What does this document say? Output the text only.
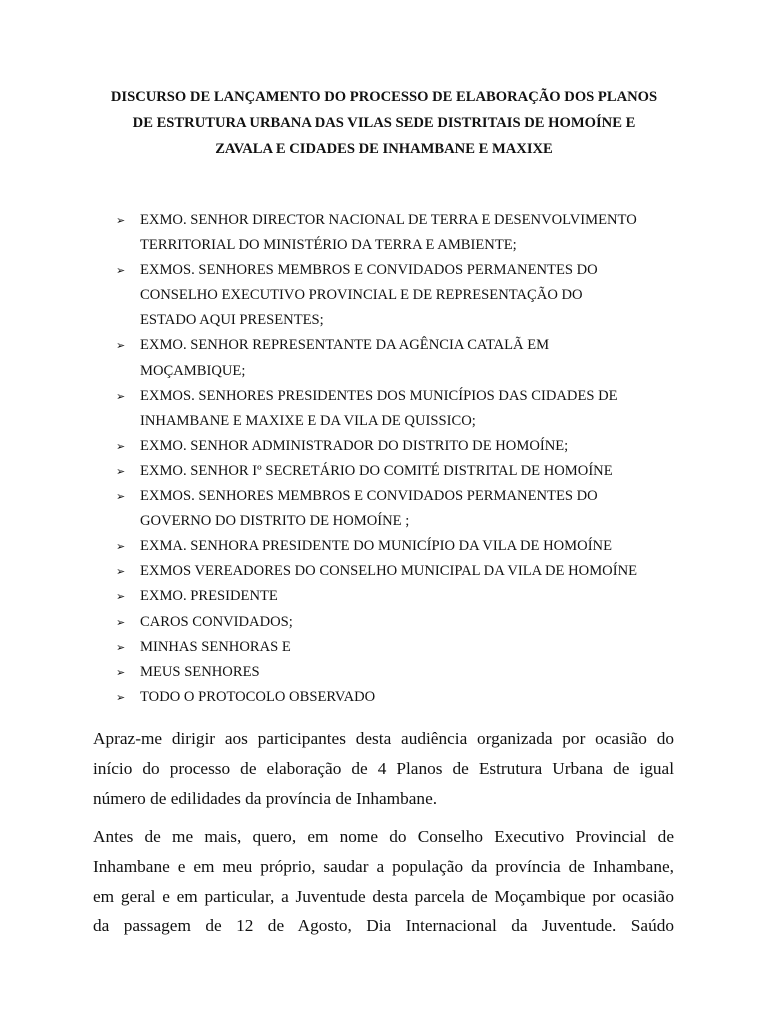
DISCURSO DE LANÇAMENTO DO PROCESSO DE ELABORAÇÃO DOS PLANOS
DE ESTRUTURA URBANA DAS VILAS SEDE DISTRITAIS DE HOMOÍNE E
ZAVALA E CIDADES DE INHAMBANE E MAXIXE
➢ EXMO. SENHOR DIRECTOR NACIONAL DE TERRA E DESENVOLVIMENTO
TERRITORIAL DO MINISTÉRIO DA TERRA E AMBIENTE;
➢ EXMOS. SENHORES MEMBROS E CONVIDADOS PERMANENTES DO
CONSELHO EXECUTIVO PROVINCIAL E DE REPRESENTAÇÃO DO
ESTADO AQUI PRESENTES;
➢ EXMO. SENHOR REPRESENTANTE DA AGÊNCIA CATALÃ EM
MOÇAMBIQUE;
➢ EXMOS. SENHORES PRESIDENTES DOS MUNICÍPIOS DAS CIDADES DE
INHAMBANE E MAXIXE E DA VILA DE QUISSICO;
➢ EXMO. SENHOR ADMINISTRADOR DO DISTRITO DE HOMOÍNE;
➢ EXMO. SENHOR Iº SECRETÁRIO DO COMITÉ DISTRITAL DE HOMOÍNE
➢ EXMOS. SENHORES MEMBROS E CONVIDADOS PERMANENTES DO
GOVERNO DO DISTRITO DE HOMOÍNE ;
➢ EXMA. SENHORA PRESIDENTE DO MUNICÍPIO DA VILA DE HOMOÍNE
➢ EXMOS VEREADORES DO CONSELHO MUNICIPAL DA VILA DE HOMOÍNE
➢ EXMO. PRESIDENTE
➢ CAROS CONVIDADOS;
➢ MINHAS SENHORAS E
➢ MEUS SENHORES
➢ TODO O PROTOCOLO OBSERVADO

Apraz-me dirigir aos participantes desta audiência organizada por ocasião do
início do processo de elaboração de 4 Planos de Estrutura Urbana de igual
número de edilidades da província de Inhambane.

Antes de me mais, quero, em nome do Conselho Executivo Provincial de
Inhambane e em meu próprio, saudar a população da província de Inhambane,
em geral e em particular, a Juventude desta parcela de Moçambique por ocasião
da passagem de 12 de Agosto, Dia Internacional da Juventude. Saúdo
